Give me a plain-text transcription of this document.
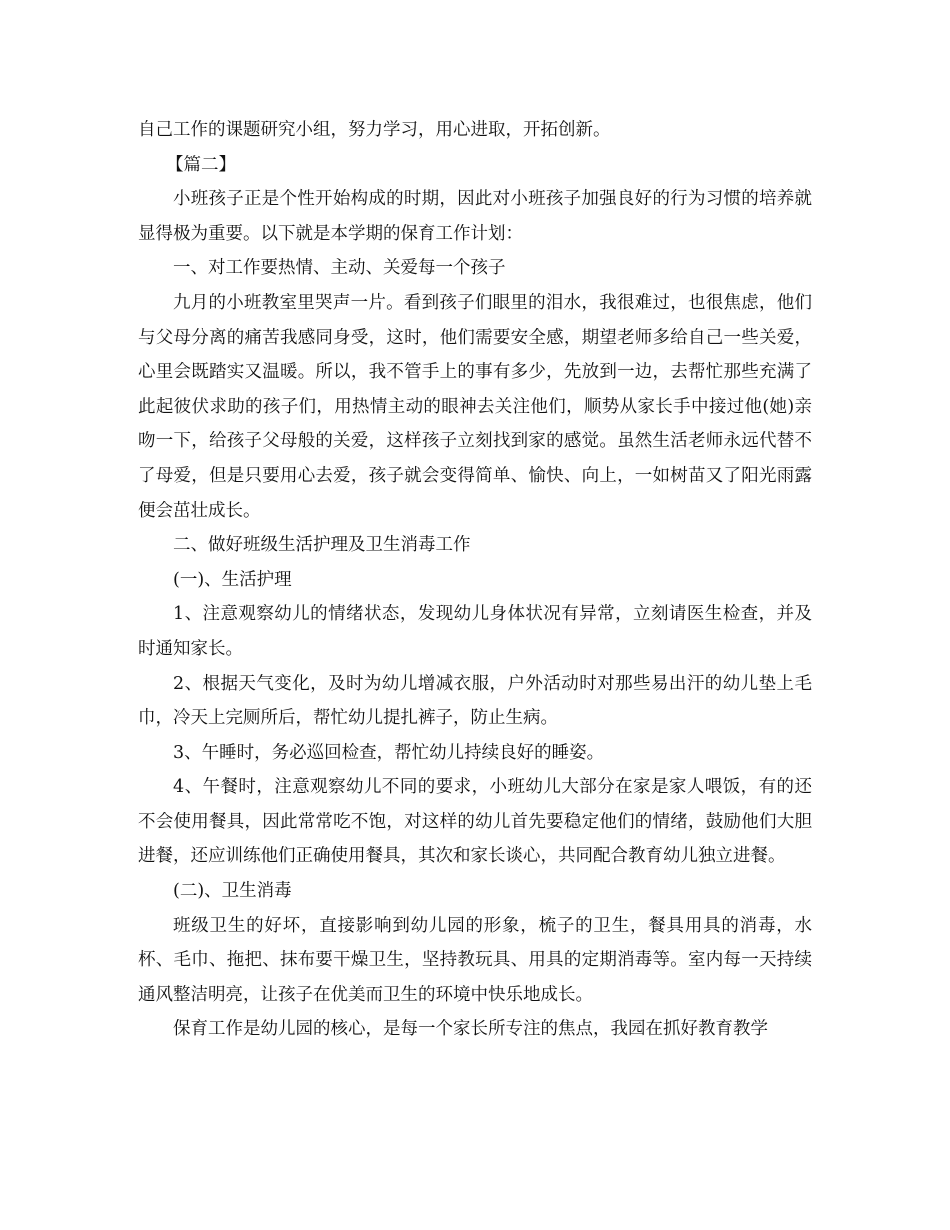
自己工作的课题研究小组，努力学习，用心进取，开拓创新。

【篇二】

小班孩子正是个性开始构成的时期，因此对小班孩子加强良好的行为习惯的培养就显得极为重要。以下就是本学期的保育工作计划：

一、对工作要热情、主动、关爱每一个孩子

九月的小班教室里哭声一片。看到孩子们眼里的泪水，我很难过，也很焦虑，他们与父母分离的痛苦我感同身受，这时，他们需要安全感，期望老师多给自己一些关爱，心里会既踏实又温暖。所以，我不管手上的事有多少，先放到一边，去帮忙那些充满了此起彼伏求助的孩子们，用热情主动的眼神去关注他们，顺势从家长手中接过他(她)亲吻一下，给孩子父母般的关爱，这样孩子立刻找到家的感觉。虽然生活老师永远代替不了母爱，但是只要用心去爱，孩子就会变得简单、愉快、向上，一如树苗又了阳光雨露便会茁壮成长。

二、做好班级生活护理及卫生消毒工作

(一)、生活护理

1、注意观察幼儿的情绪状态，发现幼儿身体状况有异常，立刻请医生检查，并及时通知家长。

2、根据天气变化，及时为幼儿增减衣服，户外活动时对那些易出汗的幼儿垫上毛巾，冷天上完厕所后，帮忙幼儿提扎裤子，防止生病。

3、午睡时，务必巡回检查，帮忙幼儿持续良好的睡姿。

4、午餐时，注意观察幼儿不同的要求，小班幼儿大部分在家是家人喂饭，有的还不会使用餐具，因此常常吃不饱，对这样的幼儿首先要稳定他们的情绪，鼓励他们大胆进餐，还应训练他们正确使用餐具，其次和家长谈心，共同配合教育幼儿独立进餐。

(二)、卫生消毒

班级卫生的好坏，直接影响到幼儿园的形象，梳子的卫生，餐具用具的消毒，水杯、毛巾、拖把、抹布要干燥卫生，坚持教玩具、用具的定期消毒等。室内每一天持续通风整洁明亮，让孩子在优美而卫生的环境中快乐地成长。

保育工作是幼儿园的核心，是每一个家长所专注的焦点，我园在抓好教育教学
